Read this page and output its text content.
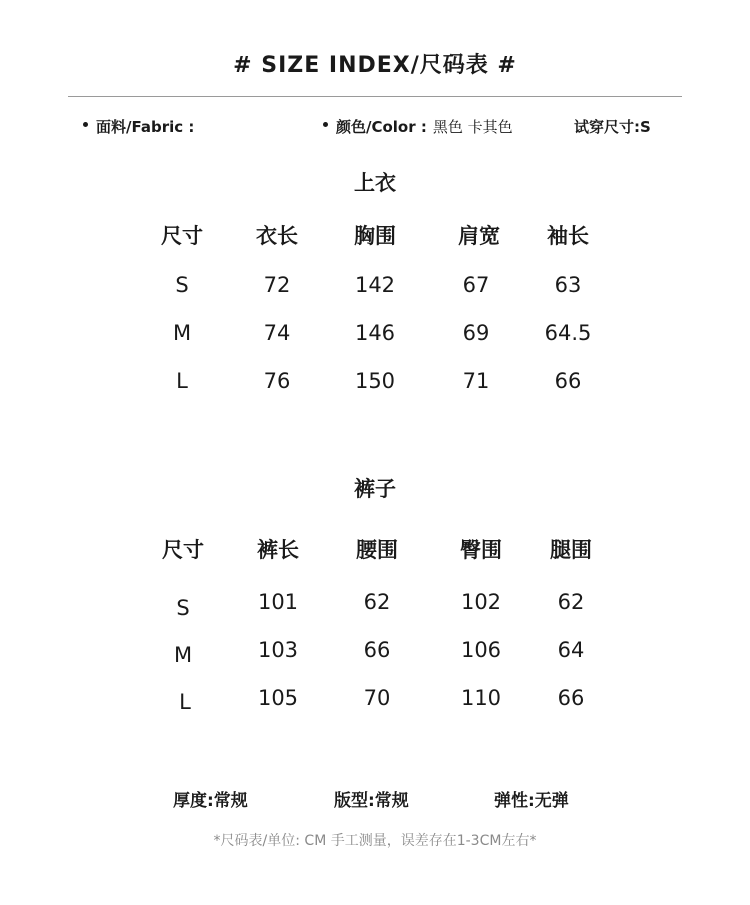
# SIZE INDEX/尺码表 #
面料/Fabric :	颜色/Color : 黑色 卡其色	试穿尺寸:S
上衣
尺寸	衣长	胸围	肩宽	袖长
S	72	142	67	63
M	74	146	69	64.5
L	76	150	71	66
裤子
尺寸	裤长	腰围	臀围	腿围
S	101	62	102	62
M	103	66	106	64
L	105	70	110	66
厚度:常规	版型:常规	弹性:无弹
*尺码表/单位: CM 手工测量，误差存在1-3CM左右*
